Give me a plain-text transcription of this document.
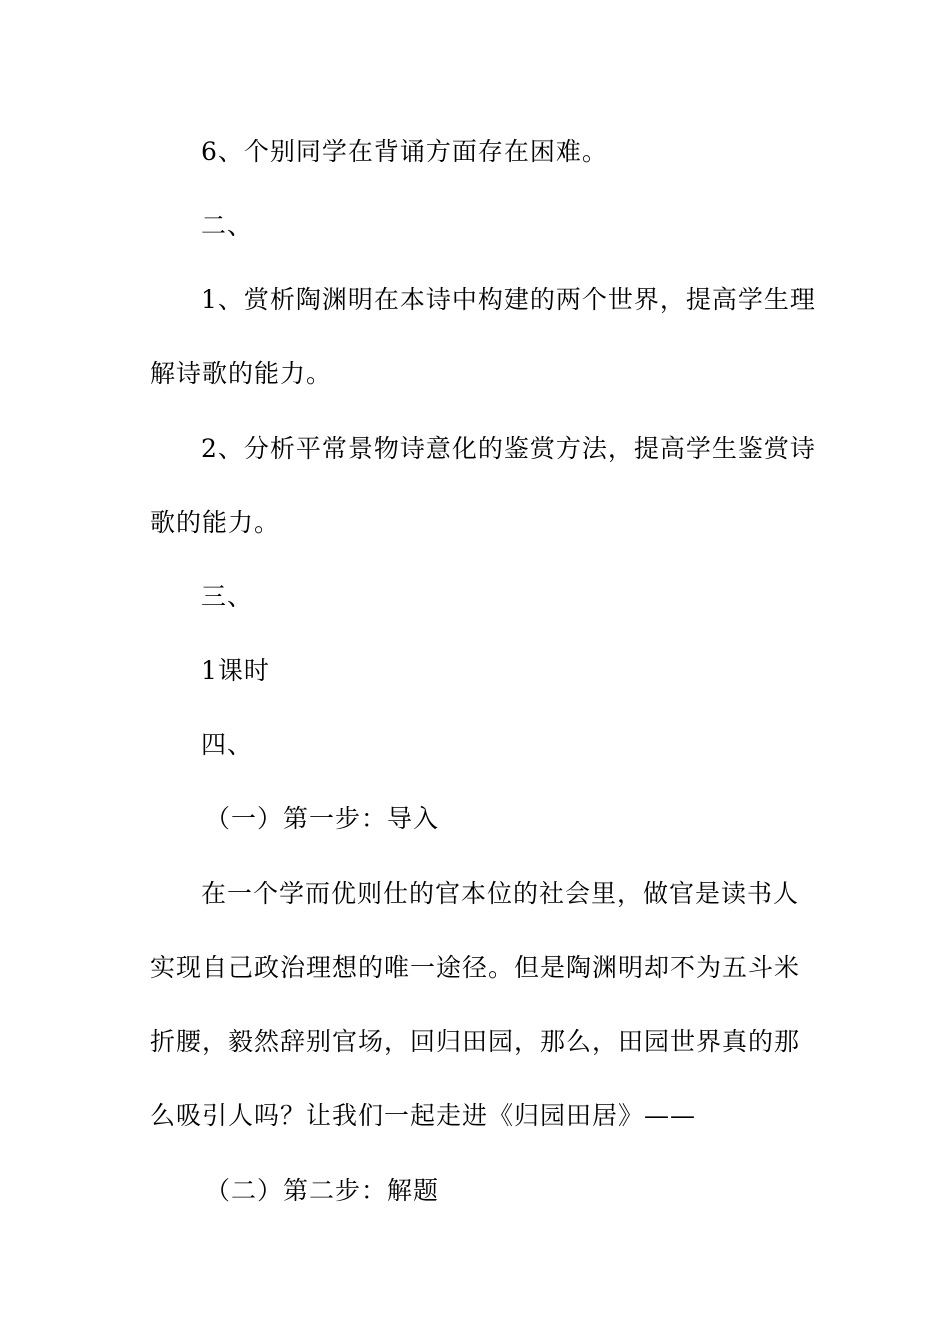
6、个别同学在背诵方面存在困难。
二、
1、赏析陶渊明在本诗中构建的两个世界，提高学生理
解诗歌的能力。
2、分析平常景物诗意化的鉴赏方法，提高学生鉴赏诗
歌的能力。
三、
1课时
四、
（一）第一步：导入
在一个学而优则仕的官本位的社会里，做官是读书人
实现自己政治理想的唯一途径。但是陶渊明却不为五斗米
折腰，毅然辞别官场，回归田园，那么，田园世界真的那
么吸引人吗？让我们一起走进《归园田居》——
（二）第二步：解题
